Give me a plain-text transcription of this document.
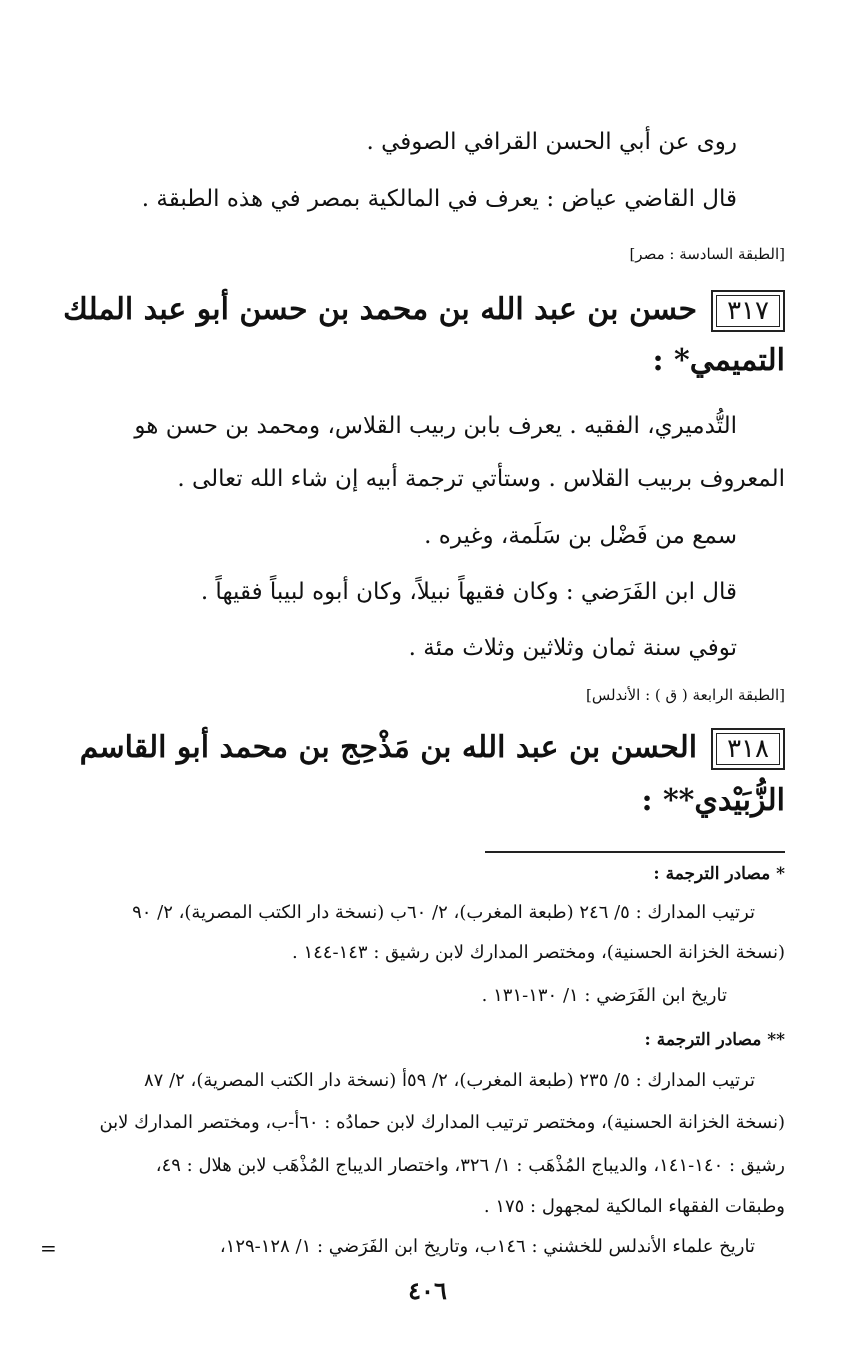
روى عن أبي الحسن القرافي الصوفي .
قال القاضي عياض : يعرف في المالكية بمصر في هذه الطبقة .
[الطبقة السادسة : مصر]
٣١٧حسن بن عبد الله بن محمد بن حسن أبو عبد الملك
التميمي* :
التُّدميري، الفقيه . يعرف بابن ربيب القلاس، ومحمد بن حسن هو
المعروف بربيب القلاس . وستأتي ترجمة أبيه إن شاء الله تعالى .
سمع من فَضْل بن سَلَمة، وغيره .
قال ابن الفَرَضي : وكان فقيهاً نبيلاً، وكان أبوه لبيباً فقيهاً .
توفي سنة ثمان وثلاثين وثلاث مئة .
[الطبقة الرابعة ( ق ) : الأندلس]
٣١٨الحسن بن عبد الله بن مَذْحِج بن محمد أبو القاسم
الزُّبَيْدي** :
* مصادر الترجمة :
ترتيب المدارك : ٥/ ٢٤٦ (طبعة المغرب)، ٢/ ٦٠ب (نسخة دار الكتب المصرية)، ٢/ ٩٠
(نسخة الخزانة الحسنية)، ومختصر المدارك لابن رشيق : ١٤٣-١٤٤ .
تاريخ ابن الفَرَضي : ١/ ١٣٠-١٣١ .
** مصادر الترجمة :
ترتيب المدارك : ٥/ ٢٣٥ (طبعة المغرب)، ٢/ ٥٩أ (نسخة دار الكتب المصرية)، ٢/ ٨٧
(نسخة الخزانة الحسنية)، ومختصر ترتيب المدارك لابن حمادُه : ٦٠أ-ب، ومختصر المدارك لابن
رشيق : ١٤٠-١٤١، والديباج المُذْهَب : ١/ ٣٢٦، واختصار الديباج المُذْهَب لابن هلال : ٤٩،
وطبقات الفقهاء المالكية لمجهول : ١٧٥ .
تاريخ علماء الأندلس للخشني : ١٤٦ب، وتاريخ ابن الفَرَضي : ١/ ١٢٨-١٢٩،
=
٤٠٦
